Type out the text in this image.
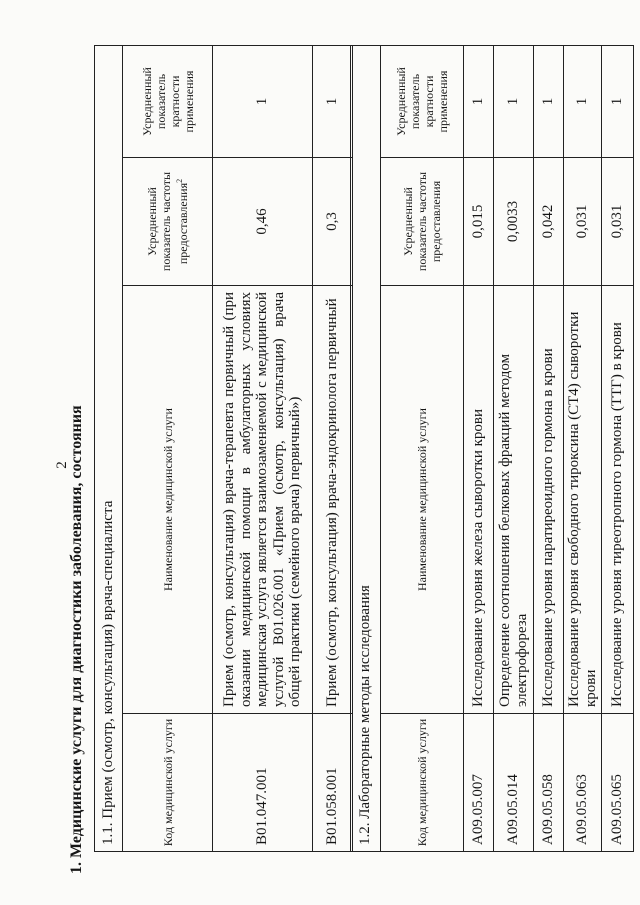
2
1. Медицинские услуги для диагностики заболевания, состояния 1.1. Прием (осмотр, консультация) врача-специалиста			
Код медицинской услуги	Наименование медицинской услуги	Усредненный показатель частоты предоставления$^2$	Усредненный показатель кратности применения
B01.047.001	Прием (осмотр, консультация) врача-терапевта первичный (при оказании медицинской помощи в амбулаторных условиях медицинская услуга является взаимозаменяемой с медицинской услугой B01.026.001 «Прием (осмотр, консультация) врача общей практики (семейного врача) первичный»)	0,46	1
B01.058.001	Прием (осмотр, консультация) врача-эндокринолога первичный	0,3	1
1.2. Лабораторные методы исследования			
Код медицинской услуги	Наименование медицинской услуги	Усредненный показатель частоты предоставления	Усредненный показатель кратности применения
A09.05.007	Исследование уровня железа сыворотки крови	0,015	1
A09.05.014	Определение соотношения белковых фракций методом электрофореза	0,0033	1
A09.05.058	Исследование уровня паратиреоидного гормона в крови	0,042	1
A09.05.063	Исследование уровня свободного тироксина (СТ4) сыворотки крови	0,031	1
A09.05.065	Исследование уровня тиреотропного гормона (ТТГ) в крови	0,031	1
